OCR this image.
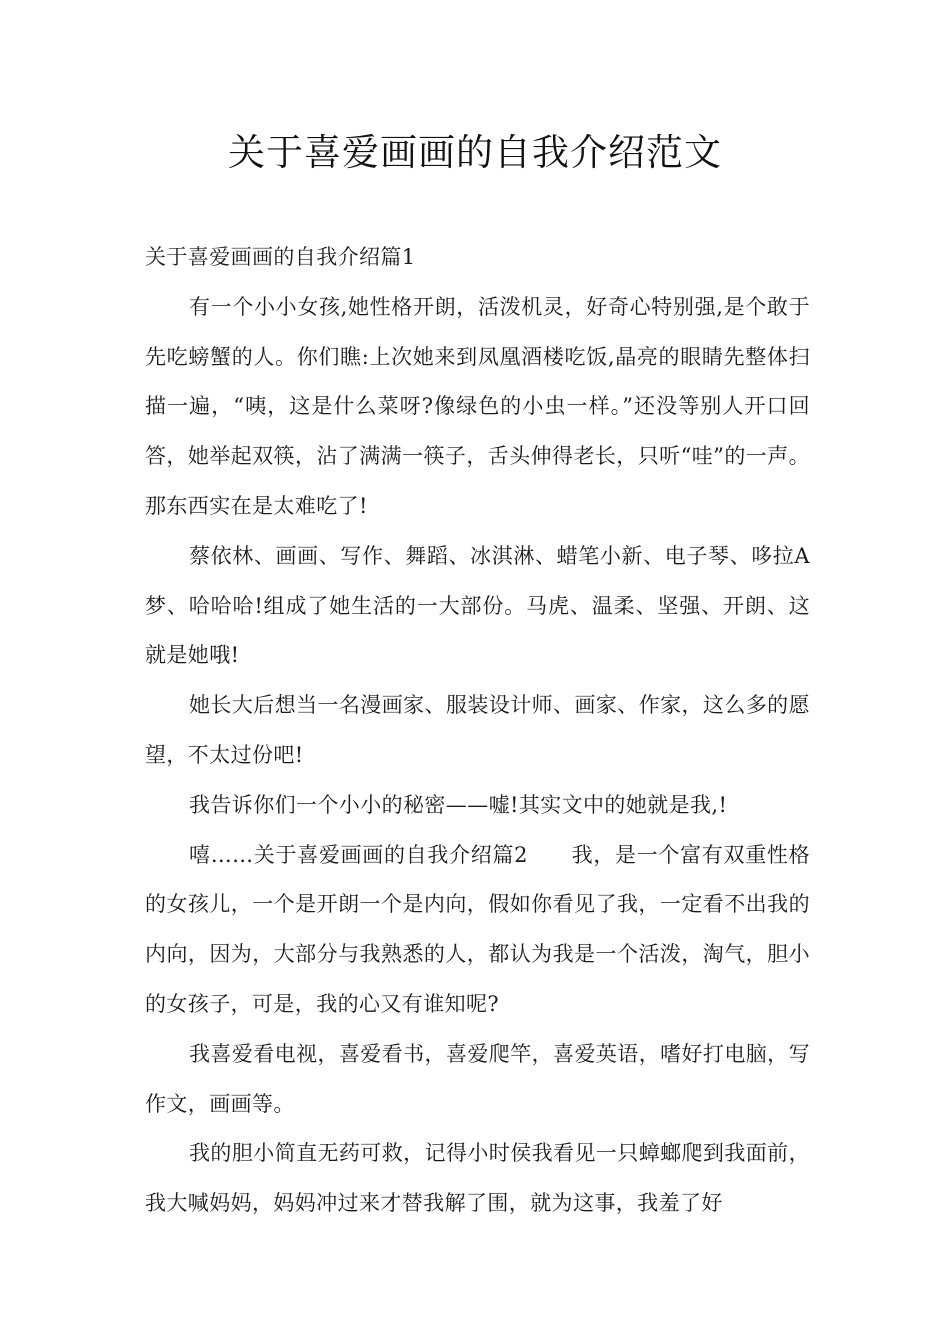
关于喜爱画画的自我介绍范文

关于喜爱画画的自我介绍篇1

有一个小小女孩,她性格开朗，活泼机灵，好奇心特别强,是个敢于先吃螃蟹的人。你们瞧:上次她来到凤凰酒楼吃饭,晶亮的眼睛先整体扫描一遍，“咦，这是什么菜呀?像绿色的小虫一样。”还没等别人开口回答，她举起双筷，沾了满满一筷子，舌头伸得老长，只听“哇”的一声。那东西实在是太难吃了!

蔡依林、画画、写作、舞蹈、冰淇淋、蜡笔小新、电子琴、哆拉A梦、哈哈哈!组成了她生活的一大部份。马虎、温柔、坚强、开朗、这就是她哦!

她长大后想当一名漫画家、服装设计师、画家、作家，这么多的愿望，不太过份吧!

我告诉你们一个小小的秘密——嘘!其实文中的她就是我,!

嘻……关于喜爱画画的自我介绍篇2　　我，是一个富有双重性格的女孩儿，一个是开朗一个是内向，假如你看见了我，一定看不出我的内向，因为，大部分与我熟悉的人，都认为我是一个活泼，淘气，胆小的女孩子，可是，我的心又有谁知呢?

我喜爱看电视，喜爱看书，喜爱爬竿，喜爱英语，嗜好打电脑，写作文，画画等。

我的胆小简直无药可救，记得小时侯我看见一只蟑螂爬到我面前，我大喊妈妈，妈妈冲过来才替我解了围，就为这事，我羞了好
